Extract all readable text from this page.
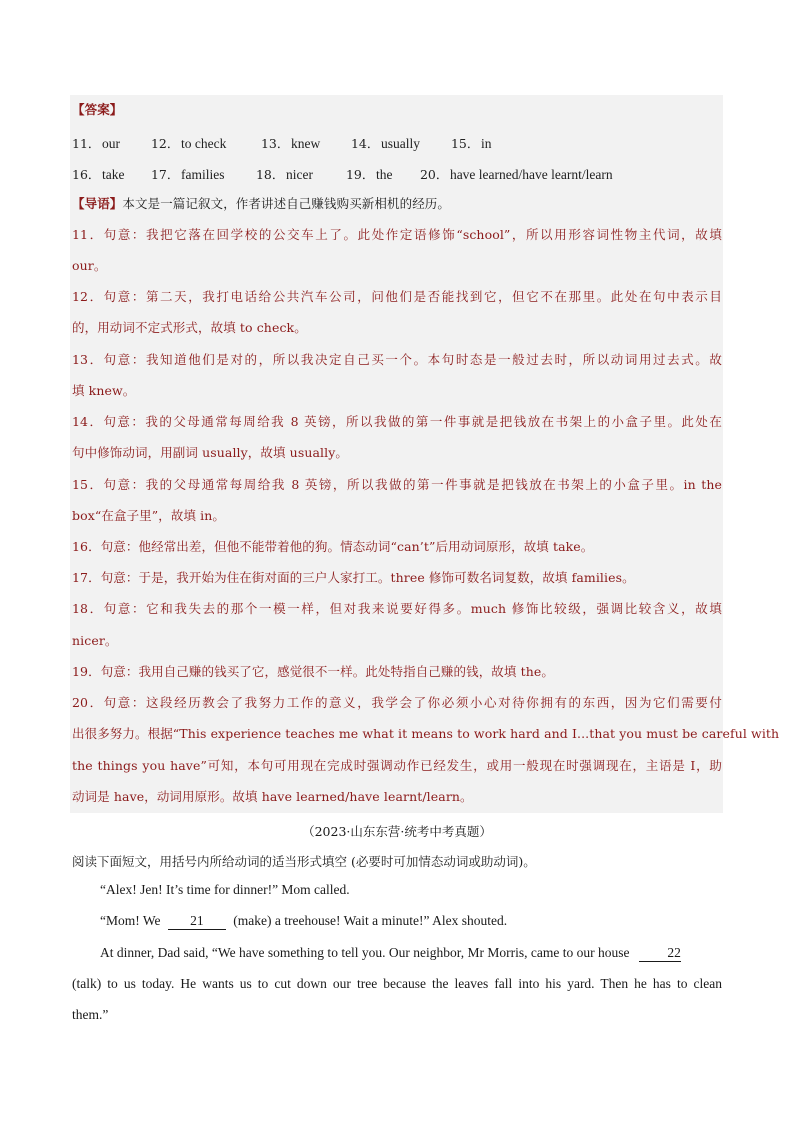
【答案】
11． our 12． to check	13． knew 14． usually 15． in
16． take 17． families	18． nicer	19． the 20． have learned/have learnt/learn
【导语】本文是一篇记叙文，作者讲述自己赚钱购买新相机的经历。
11．句意：我把它落在回学校的公交车上了。此处作定语修饰“school”，所以用形容词性物主代词，故填
our。
12．句意：第二天，我打电话给公共汽车公司，问他们是否能找到它，但它不在那里。此处在句中表示目
的，用动词不定式形式，故填 to check。
13．句意：我知道他们是对的，所以我决定自己买一个。本句时态是一般过去时，所以动词用过去式。故
填 knew。
14．句意：我的父母通常每周给我 8 英镑，所以我做的第一件事就是把钱放在书架上的小盒子里。此处在
句中修饰动词，用副词 usually，故填 usually。
15．句意：我的父母通常每周给我 8 英镑，所以我做的第一件事就是把钱放在书架上的小盒子里。in the
box“在盒子里”，故填 in。
16．句意：他经常出差，但他不能带着他的狗。情态动词“can’t”后用动词原形，故填 take。
17．句意：于是，我开始为住在街对面的三户人家打工。three 修饰可数名词复数，故填 families。
18．句意：它和我失去的那个一模一样，但对我来说要好得多。much 修饰比较级，强调比较含义，故填
nicer。
19．句意：我用自己赚的钱买了它，感觉很不一样。此处特指自己赚的钱，故填 the。
20．句意：这段经历教会了我努力工作的意义，我学会了你必须小心对待你拥有的东西，因为它们需要付
出很多努力。根据“This experience teaches me what it means to work hard and I...that you must be careful with
the things you have”可知，本句可用现在完成时强调动作已经发生，或用一般现在时强调现在，主语是 I，助
动词是 have，动词用原形。故填 have learned/have learnt/learn。
（2023·山东东营·统考中考真题）
阅读下面短文，用括号内所给动词的适当形式填空 (必要时可加情态动词或助动词)。
“Alex! Jen! It’s time for dinner!” Mom called.
“Mom! We 21 (make) a treehouse! Wait a minute!” Alex shouted.
At dinner, Dad said, “We have something to tell you. Our neighbor, Mr Morris, came to our house	22
(talk) to us today. He wants us to cut down our tree because the leaves fall into his yard. Then he has to clean
them.”
